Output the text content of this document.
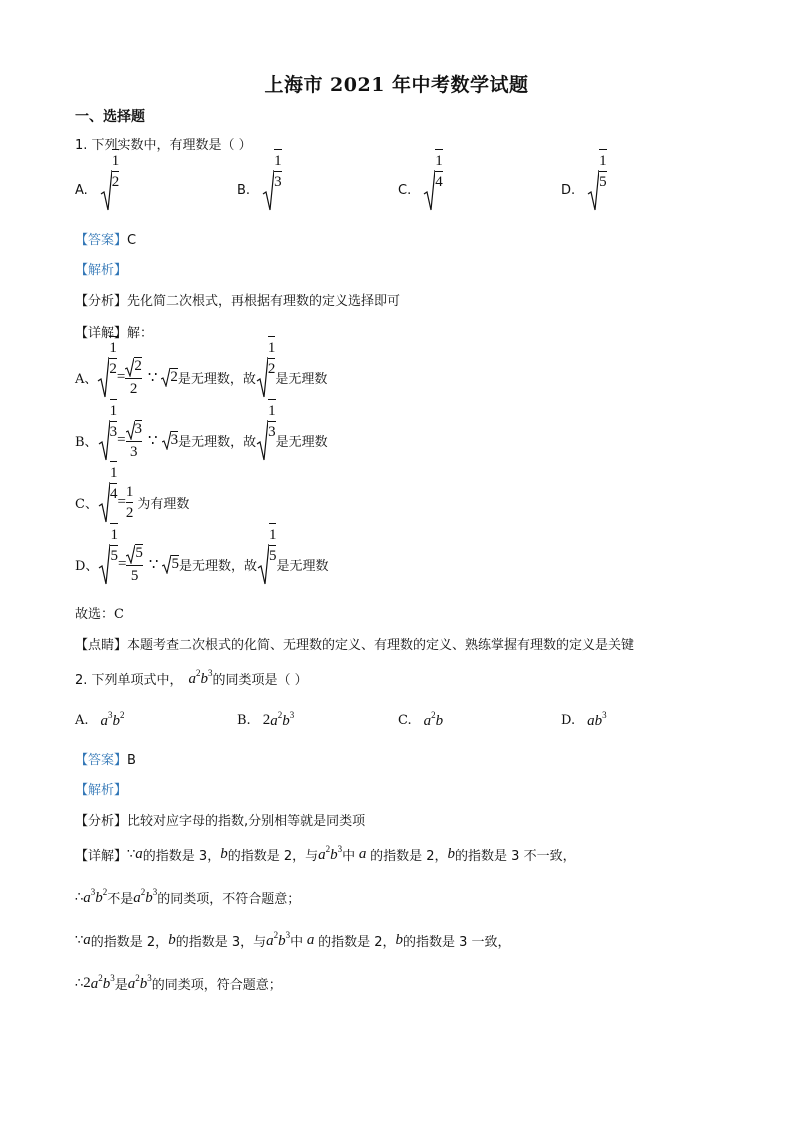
上海市 2021 年中考数学试题
一、选择题
1. 下列实数中，有理数是（ ）
A. $\frac{1}{2}$	B. $\frac{1}{3}$	C. $\frac{1}{4}$	D. $\frac{1}{5}$
【答案】C
【解析】
【分析】先化简二次根式，再根据有理数的定义选择即可
【详解】解：
A、
$\frac{1}{2} = \frac{2}{2}$ ∵ 2 是无理数，故
$\frac{1}{2}$
是无理数
B、
$\frac{1}{3} = \frac{3}{3}$ ∵ 3 是无理数，故
$\frac{1}{3}$
是无理数
C、
$\frac{1}{4} = \frac{1}{2}$ 为有理数
D、
$\frac{1}{5} = \frac{5}{5}$ ∵ 5 是无理数，故
$\frac{1}{5}$
是无理数
故选：C
【点睛】本题考查二次根式的化简、无理数的定义、有理数的定义、熟练掌握有理数的定义是关键
2. 下列单项式中， $a^2b^3$ 的同类项是（ ）
A. $a^3b^2$	B. 2 $a^2b^3$	C. $a^2b$	D. $ab^3$
【答案】B
【解析】
【分析】比较对应字母的指数,分别相等就是同类项
【详解】 ∵ a 的指数是 3， b 的指数是 2，与 $a^2b^3$ 中 a 的指数是 2， b 的指数是 3 不一致，
∴ $a^3b^2$ 不是 $a^2b^3$ 的同类项，不符合题意；
∵ a 的指数是 2， b 的指数是 3，与 $a^2b^3$ 中 a 的指数是 2， b 的指数是 3 一致，
∴ 2 $a^2b^3$ 是 $a^2b^3$ 的同类项，符合题意；
